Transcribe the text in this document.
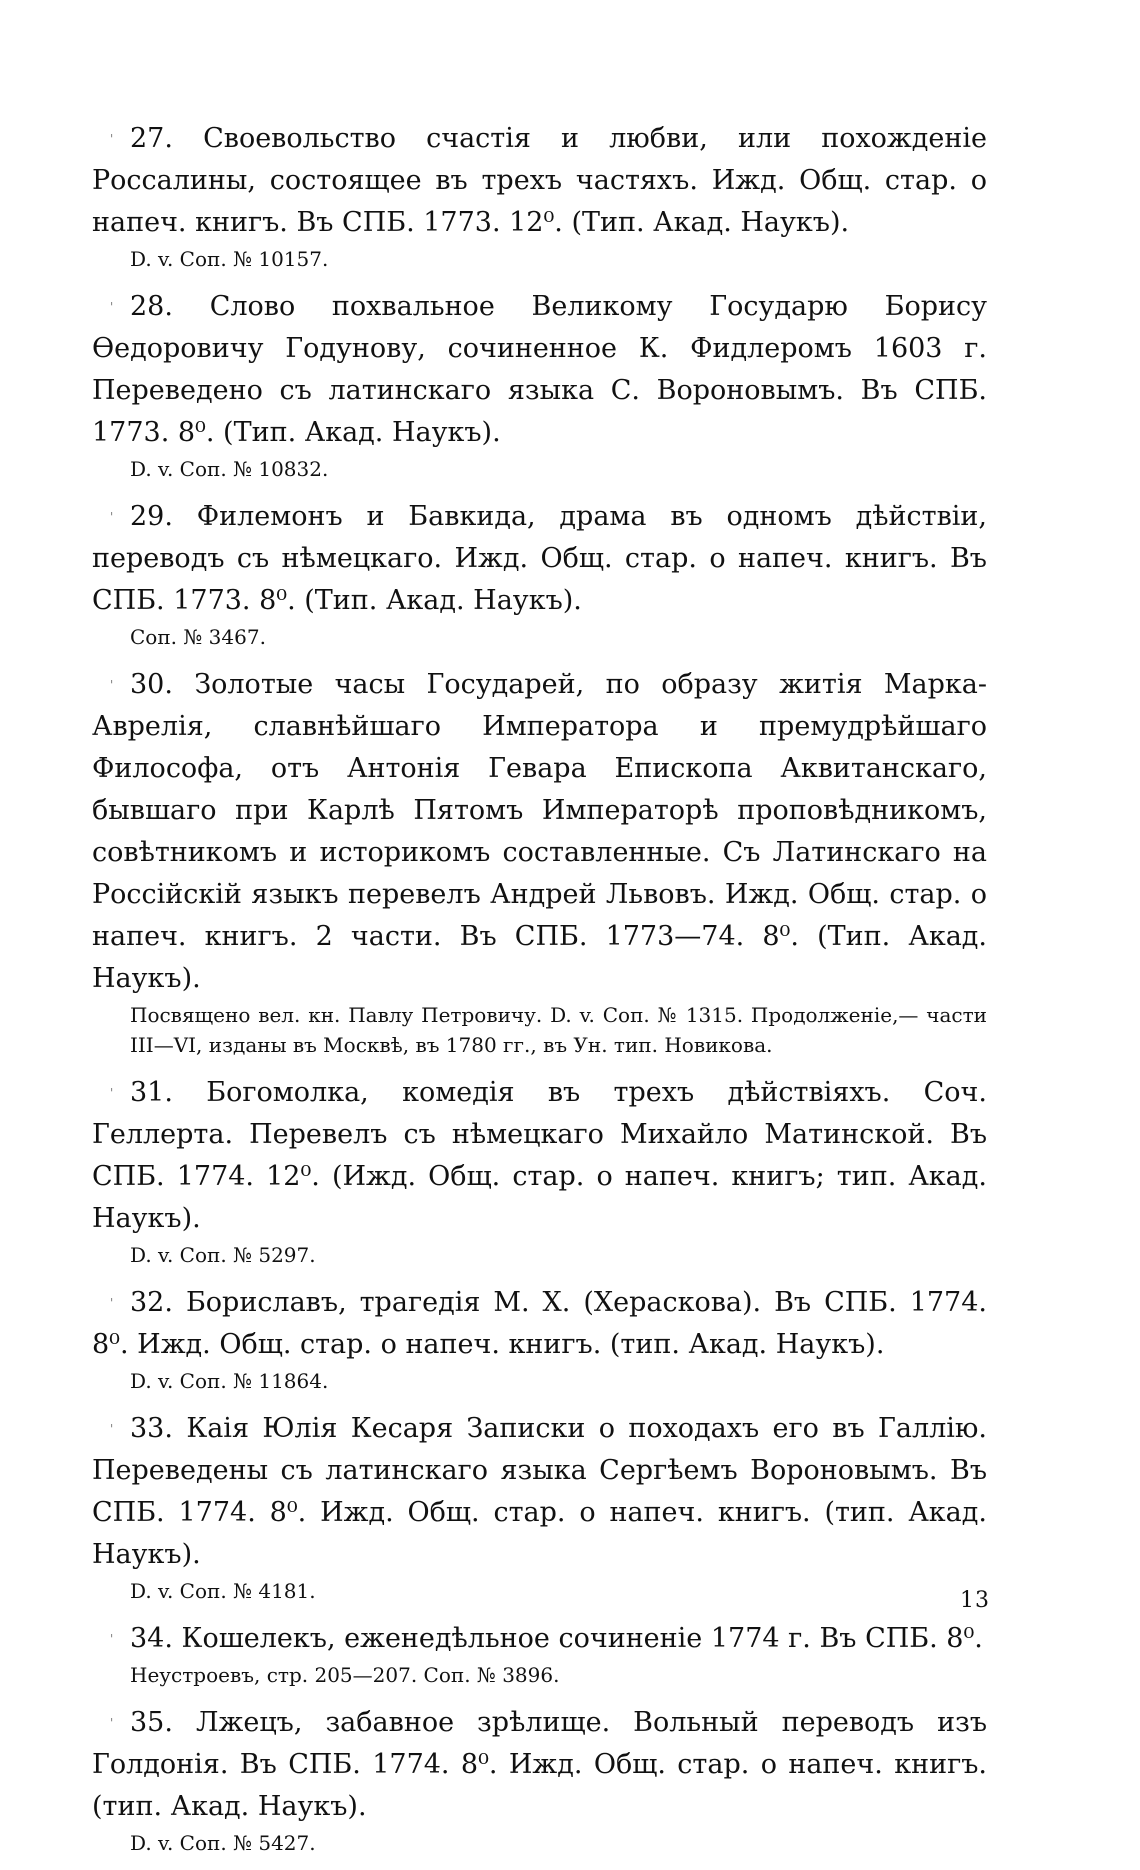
' 27. Своевольство счастія и любви, или похожденіе Россалины, состоящее въ трехъ частяхъ. Ижд. Общ. стар. о напеч. книгъ. Въ СПБ. 1773. 12⁰. (Тип. Акад. Наукъ).

D. v. Соп. № 10157.

' 28. Слово похвальное Великому Государю Борису Өедоровичу Годунову, сочиненное К. Фидлеромъ 1603 г. Переведено съ латинскаго языка С. Вороновымъ. Въ СПБ. 1773. 8⁰. (Тип. Акад. Наукъ).

D. v. Соп. № 10832.

' 29. Филемонъ и Бавкида, драма въ одномъ дѣйствіи, переводъ съ нѣмецкаго. Ижд. Общ. стар. о напеч. книгъ. Въ СПБ. 1773. 8⁰. (Тип. Акад. Наукъ).

Соп. № 3467.

' 30. Золотые часы Государей, по образу житія Марка-Аврелія, славнѣйшаго Императора и премудрѣйшаго Философа, отъ Антонія Гевара Епископа Аквитанскаго, бывшаго при Карлѣ Пятомъ Императорѣ проповѣдникомъ, совѣтникомъ и историкомъ составленные. Съ Латинскаго на Россійскій языкъ перевелъ Андрей Львовъ. Ижд. Общ. стар. о напеч. книгъ. 2 части. Въ СПБ. 1773—74. 8⁰. (Тип. Акад. Наукъ).

Посвящено вел. кн. Павлу Петровичу. D. v. Соп. № 1315. Продолженіе,— части III—VI, изданы въ Москвѣ, въ 1780 гг., въ Ун. тип. Новикова.

' 31. Богомолка, комедія въ трехъ дѣйствіяхъ. Соч. Геллерта. Перевелъ съ нѣмецкаго Михайло Матинской. Въ СПБ. 1774. 12⁰. (Ижд. Общ. стар. о напеч. книгъ; тип. Акад. Наукъ).

D. v. Соп. № 5297.

' 32. Бориславъ, трагедія М. Х. (Хераскова). Въ СПБ. 1774. 8⁰. Ижд. Общ. стар. о напеч. книгъ. (тип. Акад. Наукъ).

D. v. Соп. № 11864.

' 33. Кaія Юлія Кесаря Записки о походахъ его въ Галлію. Переведены съ латинскаго языка Сергѣемъ Вороновымъ. Въ СПБ. 1774. 8⁰. Ижд. Общ. стар. о напеч. книгъ. (тип. Акад. Наукъ).

D. v. Соп. № 4181.

' 34. Кошелекъ, еженедѣльное сочиненіе 1774 г. Въ СПБ. 8⁰.

Неустроевъ, стр. 205—207. Соп. № 3896.

' 35. Лжецъ, забавное зрѣлище. Вольный переводъ изъ Голдонія. Въ СПБ. 1774. 8⁰. Ижд. Общ. стар. о напеч. книгъ. (тип. Акад. Наукъ).

D. v. Соп. № 5427.

13
